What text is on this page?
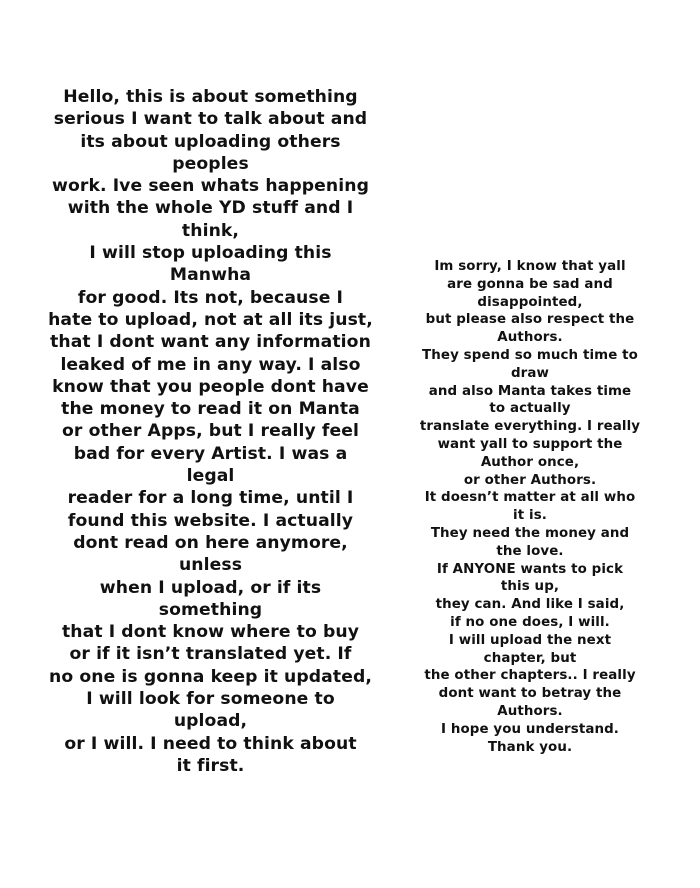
Hello, this is about something
serious I want to talk about and
its about uploading others peoples
work. Ive seen whats happening
with the whole YD stuff and I think,
I will stop uploading this Manwha
for good. Its not, because I
hate to upload, not at all its just,
that I dont want any information
leaked of me in any way. I also
know that you people dont have
the money to read it on Manta
or other Apps, but I really feel
bad for every Artist. I was a legal
reader for a long time, until I
found this website. I actually
dont read on here anymore, unless
when I upload, or if its something
that I dont know where to buy
or if it isn’t translated yet. If
no one is gonna keep it updated,
I will look for someone to upload,
or I will. I need to think about
it first.

Im sorry, I know that yall
are gonna be sad and
disappointed,
but please also respect the
Authors.
They spend so much time to
draw
and also Manta takes time
to actually
translate everything. I really
want yall to support the
Author once,
or other Authors.
It doesn’t matter at all who
it is.
They need the money and
the love.
If ANYONE wants to pick
this up,
they can. And like I said,
if no one does, I will.
I will upload the next
chapter, but
the other chapters.. I really
dont want to betray the
Authors.
I hope you understand.
Thank you.
